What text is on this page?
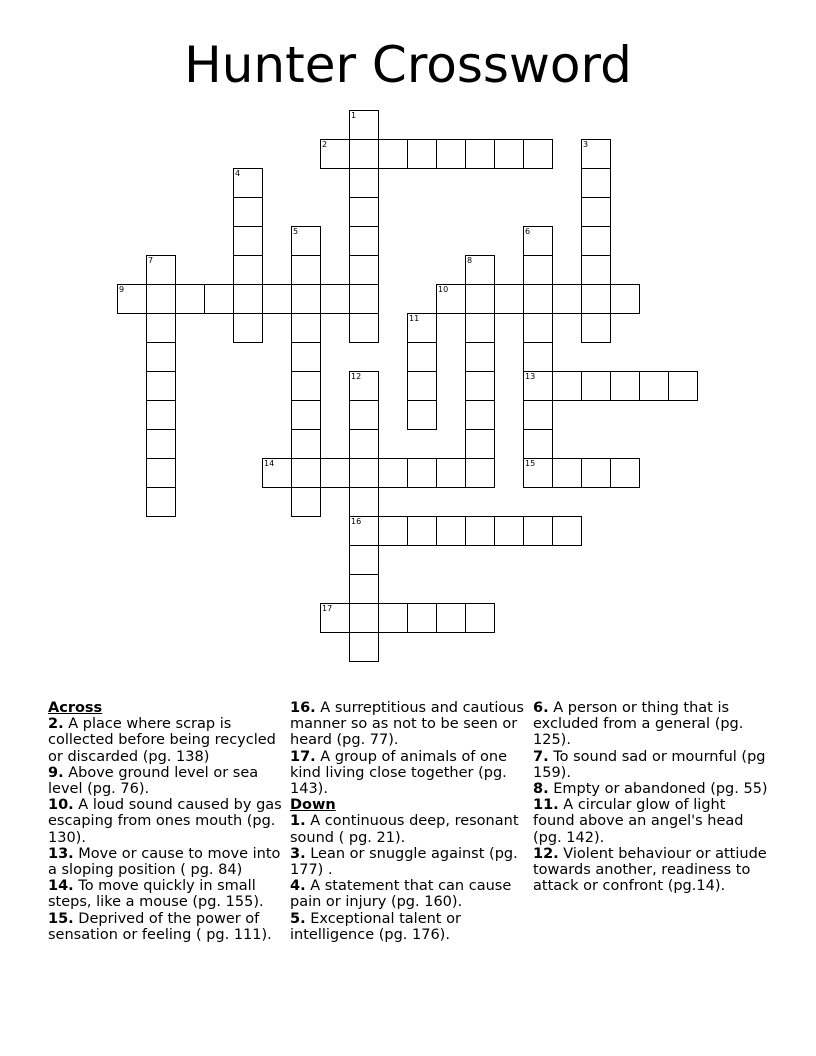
Hunter Crossword
1
2	3
4
5	6
13
15
7	8
9	10
11
12
16
14
17
Across
2. A place where scrap is collected before being recycled or discarded (pg. 138)
9. Above ground level or sea level (pg. 76).
10. A loud sound caused by gas escaping from ones mouth (pg. 130).
13. Move or cause to move into a sloping position ( pg. 84)
14. To move quickly in small steps, like a mouse (pg. 155).
15. Deprived of the power of sensation or feeling ( pg. 111).
16. A surreptitious and cautious manner so as not to be seen or heard (pg. 77).
17. A group of animals of one kind living close together (pg. 143).
Down
1. A continuous deep, resonant sound ( pg. 21).
3. Lean or snuggle against (pg. 177) .
4. A statement that can cause pain or injury (pg. 160).
5. Exceptional talent or intelligence (pg. 176).
6. A person or thing that is excluded from a general (pg. 125).
7. To sound sad or mournful (pg 159).
8. Empty or abandoned (pg. 55)
11. A circular glow of light found above an angel's head (pg. 142).
12. Violent behaviour or attiude towards another, readiness to attack or confront (pg.14).
